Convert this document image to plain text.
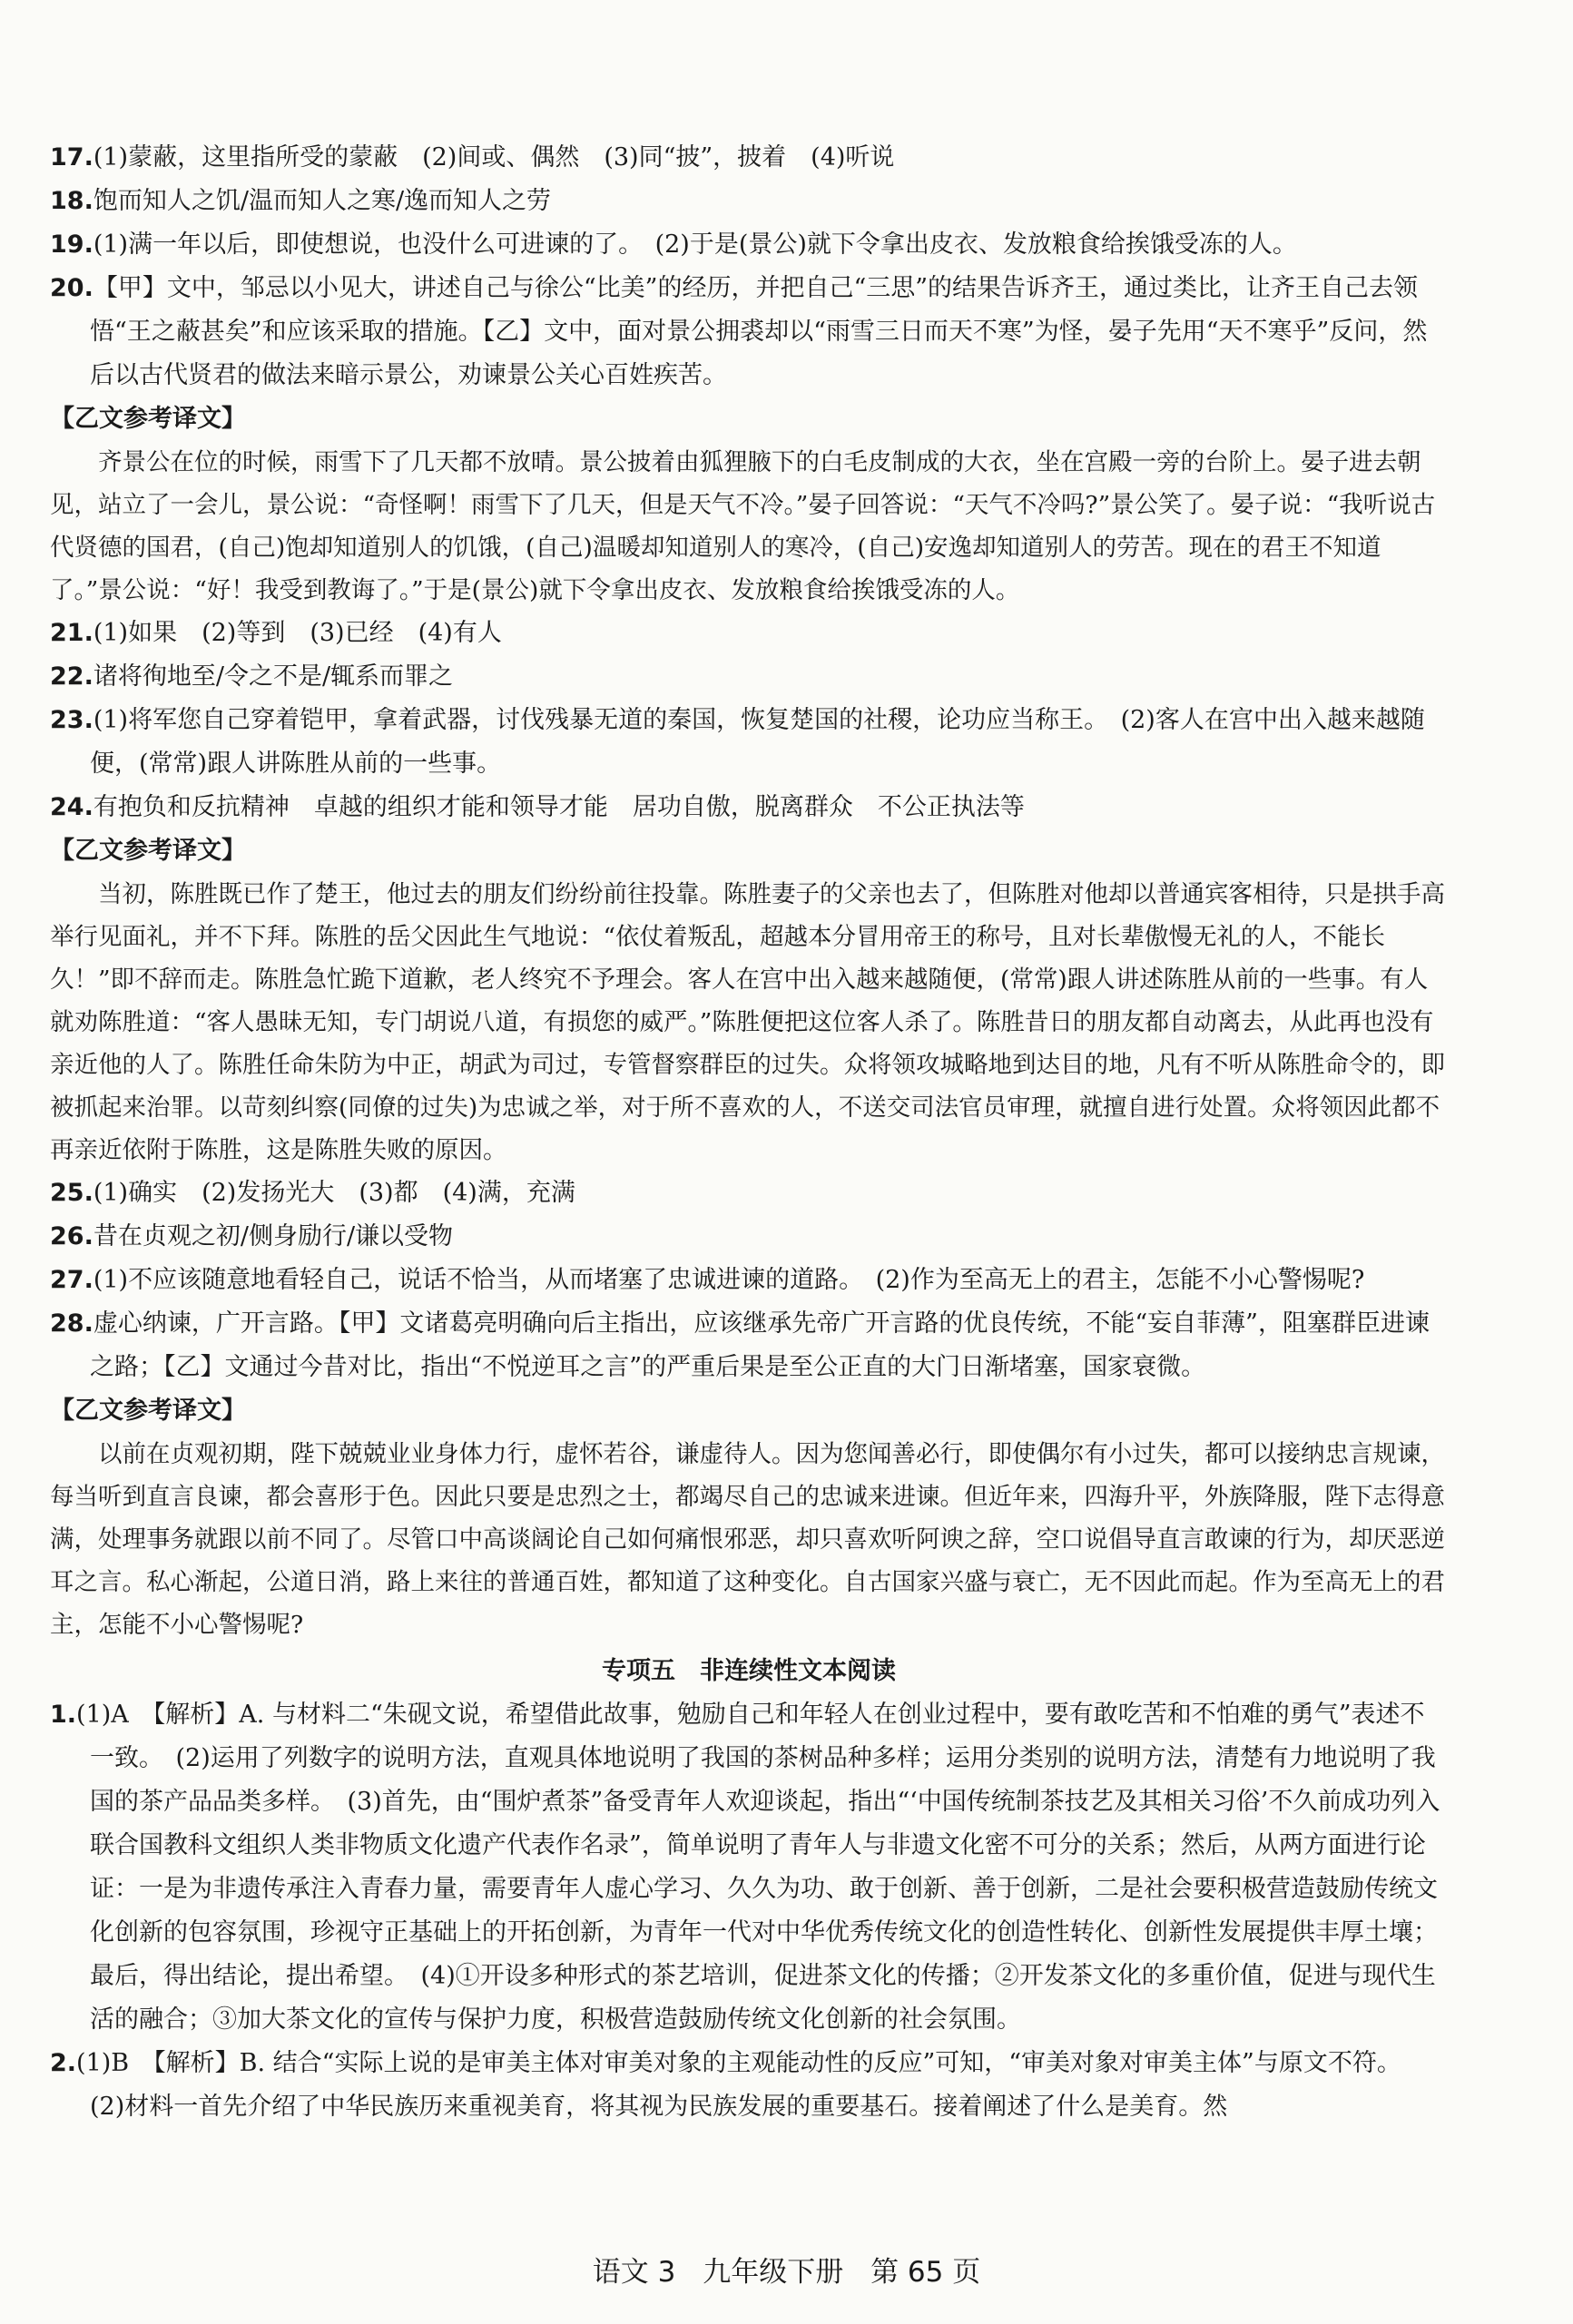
17.(1)蒙蔽，这里指所受的蒙蔽　(2)间或、偶然　(3)同“披”，披着　(4)听说

18.饱而知人之饥/温而知人之寒/逸而知人之劳

19.(1)满一年以后，即使想说，也没什么可进谏的了。　(2)于是(景公)就下令拿出皮衣、发放粮食给挨饿受冻的人。

20.【甲】文中，邹忌以小见大，讲述自己与徐公“比美”的经历，并把自己“三思”的结果告诉齐王，通过类比，让齐王自己去领悟“王之蔽甚矣”和应该采取的措施。【乙】文中，面对景公拥裘却以“雨雪三日而天不寒”为怪，晏子先用“天不寒乎”反问，然后以古代贤君的做法来暗示景公，劝谏景公关心百姓疾苦。

【乙文参考译文】

齐景公在位的时候，雨雪下了几天都不放晴。景公披着由狐狸腋下的白毛皮制成的大衣，坐在宫殿一旁的台阶上。晏子进去朝见，站立了一会儿，景公说：“奇怪啊！雨雪下了几天，但是天气不冷。”晏子回答说：“天气不冷吗?”景公笑了。晏子说：“我听说古代贤德的国君，(自己)饱却知道别人的饥饿，(自己)温暖却知道别人的寒冷，(自己)安逸却知道别人的劳苦。现在的君王不知道了。”景公说：“好！我受到教诲了。”于是(景公)就下令拿出皮衣、发放粮食给挨饿受冻的人。

21.(1)如果　(2)等到　(3)已经　(4)有人

22.诸将徇地至/令之不是/辄系而罪之

23.(1)将军您自己穿着铠甲，拿着武器，讨伐残暴无道的秦国，恢复楚国的社稷，论功应当称王。　(2)客人在宫中出入越来越随便，(常常)跟人讲陈胜从前的一些事。

24.有抱负和反抗精神　卓越的组织才能和领导才能　居功自傲，脱离群众　不公正执法等

【乙文参考译文】

当初，陈胜既已作了楚王，他过去的朋友们纷纷前往投靠。陈胜妻子的父亲也去了，但陈胜对他却以普通宾客相待，只是拱手高举行见面礼，并不下拜。陈胜的岳父因此生气地说：“依仗着叛乱，超越本分冒用帝王的称号，且对长辈傲慢无礼的人，不能长久！”即不辞而走。陈胜急忙跪下道歉，老人终究不予理会。客人在宫中出入越来越随便，(常常)跟人讲述陈胜从前的一些事。有人就劝陈胜道：“客人愚昧无知，专门胡说八道，有损您的威严。”陈胜便把这位客人杀了。陈胜昔日的朋友都自动离去，从此再也没有亲近他的人了。陈胜任命朱防为中正，胡武为司过，专管督察群臣的过失。众将领攻城略地到达目的地，凡有不听从陈胜命令的，即被抓起来治罪。以苛刻纠察(同僚的过失)为忠诚之举，对于所不喜欢的人，不送交司法官员审理，就擅自进行处置。众将领因此都不再亲近依附于陈胜，这是陈胜失败的原因。

25.(1)确实　(2)发扬光大　(3)都　(4)满，充满

26.昔在贞观之初/侧身励行/谦以受物

27.(1)不应该随意地看轻自己，说话不恰当，从而堵塞了忠诚进谏的道路。　(2)作为至高无上的君主，怎能不小心警惕呢?

28.虚心纳谏，广开言路。【甲】文诸葛亮明确向后主指出，应该继承先帝广开言路的优良传统，不能“妄自菲薄”，阻塞群臣进谏之路；【乙】文通过今昔对比，指出“不悦逆耳之言”的严重后果是至公正直的大门日渐堵塞，国家衰微。

【乙文参考译文】

以前在贞观初期，陛下兢兢业业身体力行，虚怀若谷，谦虚待人。因为您闻善必行，即使偶尔有小过失，都可以接纳忠言规谏，每当听到直言良谏，都会喜形于色。因此只要是忠烈之士，都竭尽自己的忠诚来进谏。但近年来，四海升平，外族降服，陛下志得意满，处理事务就跟以前不同了。尽管口中高谈阔论自己如何痛恨邪恶，却只喜欢听阿谀之辞，空口说倡导直言敢谏的行为，却厌恶逆耳之言。私心渐起，公道日消，路上来往的普通百姓，都知道了这种变化。自古国家兴盛与衰亡，无不因此而起。作为至高无上的君主，怎能不小心警惕呢?

专项五　非连续性文本阅读

1.(1)A　【解析】A. 与材料二“朱砚文说，希望借此故事，勉励自己和年轻人在创业过程中，要有敢吃苦和不怕难的勇气”表述不一致。　(2)运用了列数字的说明方法，直观具体地说明了我国的茶树品种多样；运用分类别的说明方法，清楚有力地说明了我国的茶产品品类多样。　(3)首先，由“围炉煮茶”备受青年人欢迎谈起，指出“‘中国传统制茶技艺及其相关习俗’不久前成功列入联合国教科文组织人类非物质文化遗产代表作名录”，简单说明了青年人与非遗文化密不可分的关系；然后，从两方面进行论证：一是为非遗传承注入青春力量，需要青年人虚心学习、久久为功、敢于创新、善于创新，二是社会要积极营造鼓励传统文化创新的包容氛围，珍视守正基础上的开拓创新，为青年一代对中华优秀传统文化的创造性转化、创新性发展提供丰厚土壤；最后，得出结论，提出希望。　(4)①开设多种形式的茶艺培训，促进茶文化的传播；②开发茶文化的多重价值，促进与现代生活的融合；③加大茶文化的宣传与保护力度，积极营造鼓励传统文化创新的社会氛围。

2.(1)B　【解析】B. 结合“实际上说的是审美主体对审美对象的主观能动性的反应”可知，“审美对象对审美主体”与原文不符。　(2)材料一首先介绍了中华民族历来重视美育，将其视为民族发展的重要基石。接着阐述了什么是美育。然

语文 3 九年级下册 第 65 页
